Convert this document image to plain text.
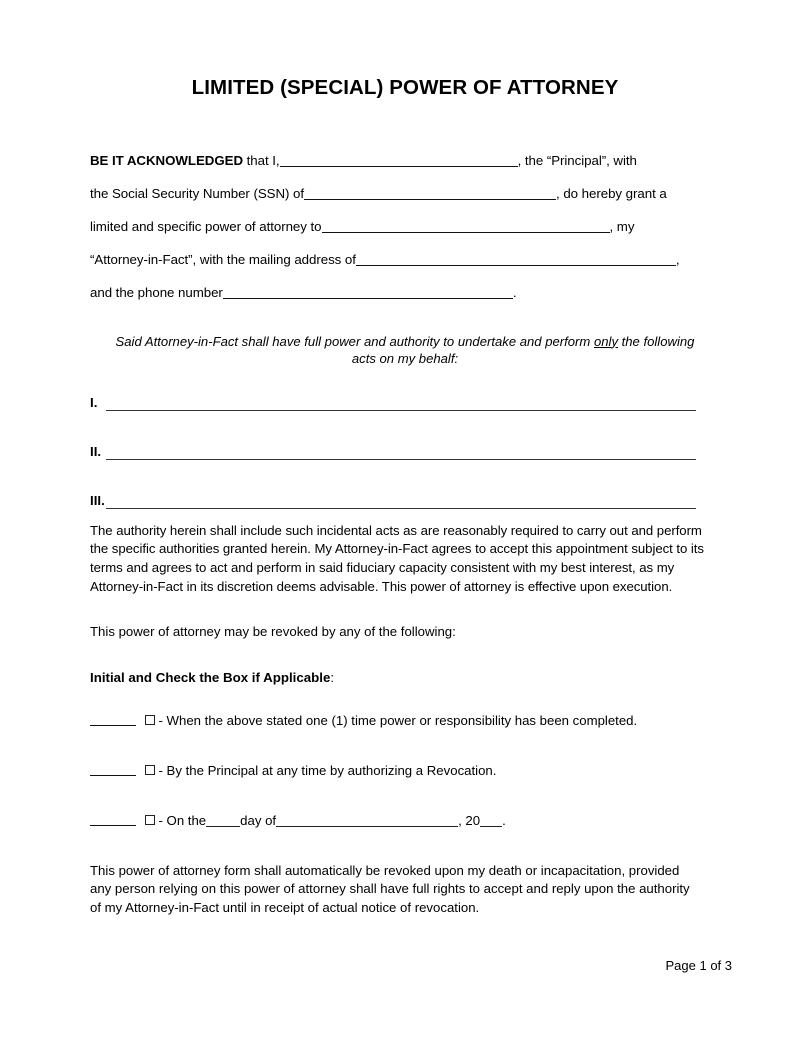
LIMITED (SPECIAL) POWER OF ATTORNEY
BE IT ACKNOWLEDGED that I,	, the “Principal”, with
the Social Security Number (SSN) of	, do hereby grant a
limited and specific power of attorney to	, my
“Attorney-in-Fact”, with the mailing address of	,
and the phone number	.
Said Attorney-in-Fact shall have full power and authority to undertake and perform only the following acts on my behalf:
I.
II.
III.
The authority herein shall include such incidental acts as are reasonably required to carry out and perform the specific authorities granted herein. My Attorney-in-Fact agrees to accept this appointment subject to its terms and agrees to act and perform in said fiduciary capacity consistent with my best interest, as my Attorney-in-Fact in its discretion deems advisable. This power of attorney is effective upon execution.
This power of attorney may be revoked by any of the following:
Initial and Check the Box if Applicable:
- When the above stated one (1) time power or responsibility has been completed.
- By the Principal at any time by authorizing a Revocation.
- On the	day of	, 20 .
This power of attorney form shall automatically be revoked upon my death or incapacitation, provided any person relying on this power of attorney shall have full rights to accept and reply upon the authority of my Attorney-in-Fact until in receipt of actual notice of revocation.
Page 1 of 3
